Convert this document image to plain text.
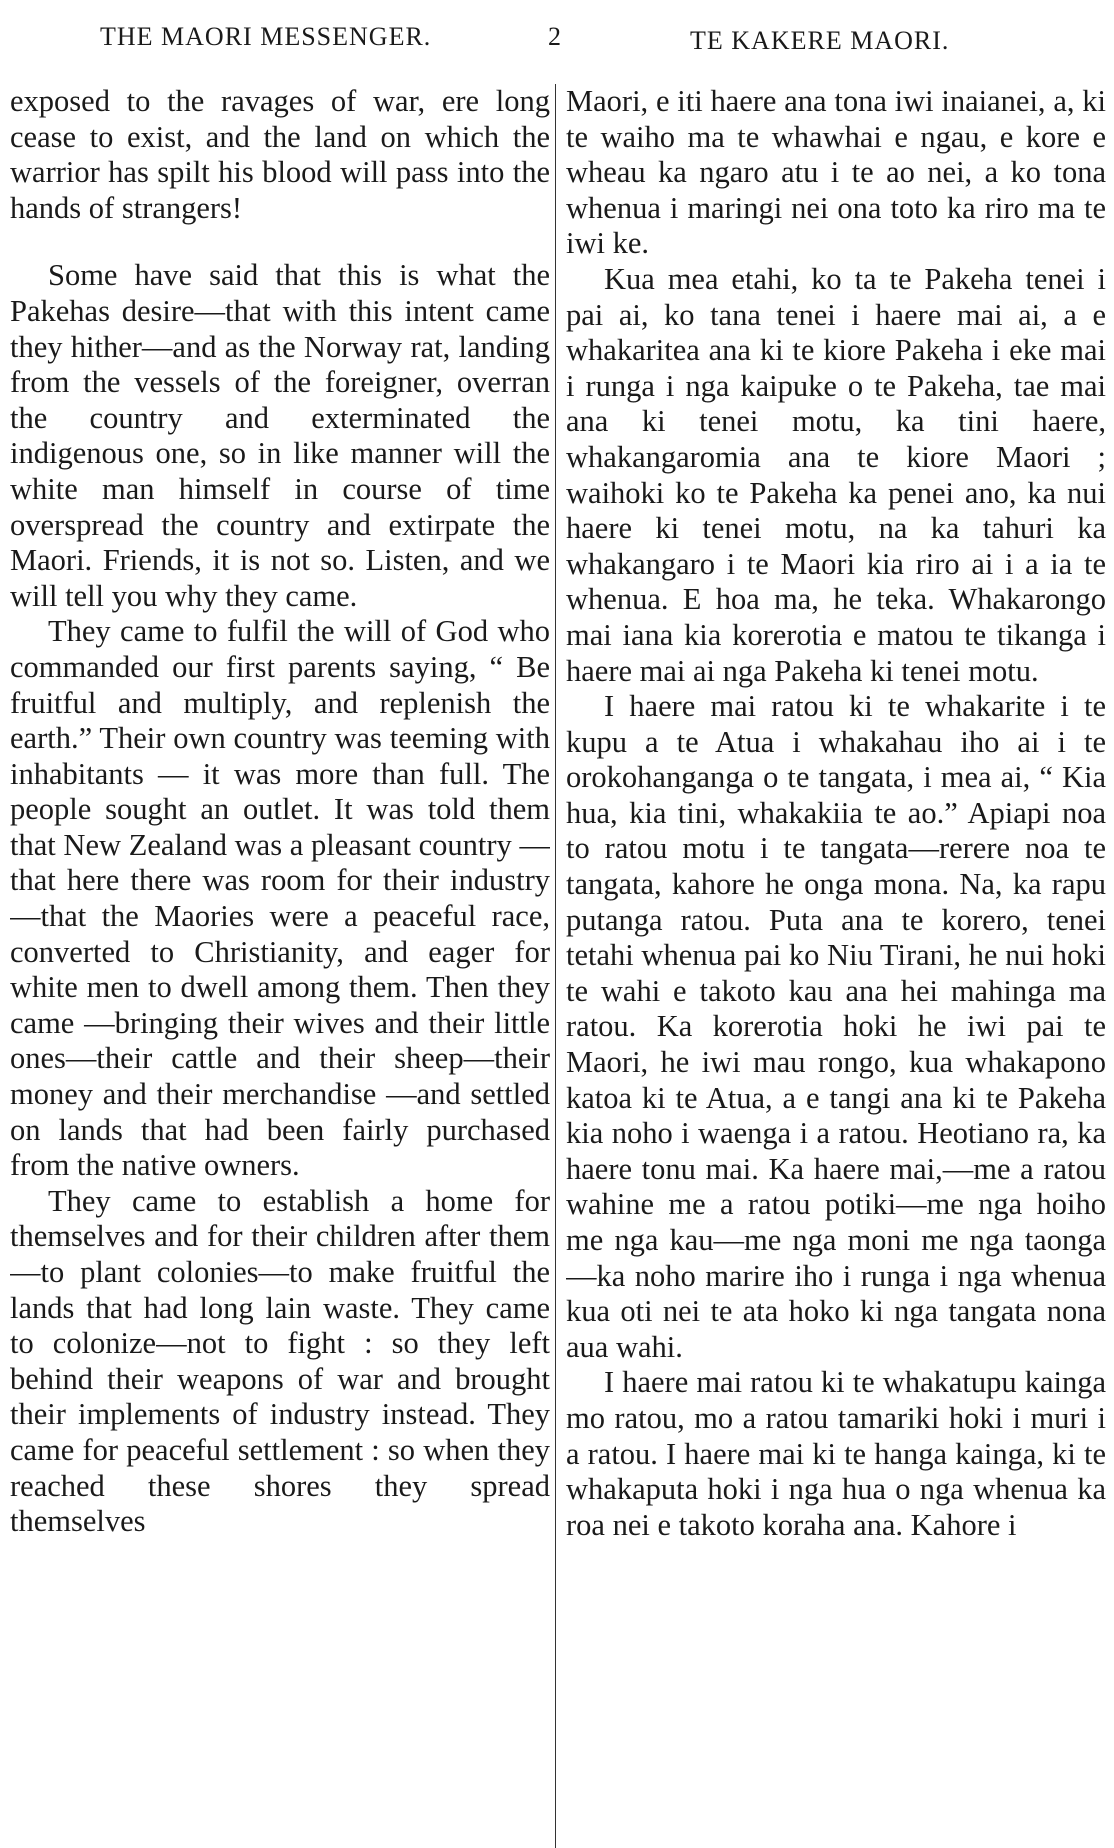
THE MAORI MESSENGER.	2	TE KAKERE MAORI.

exposed to the ravages of war, ere long cease to exist, and the land on which the warrior has spilt his blood will pass into the hands of strangers!

Some have said that this is what the Pakehas desire—that with this intent came they hither—and as the Norway rat, landing from the vessels of the foreigner, overran the country and exterminated the indigenous one, so in like manner will the white man himself in course of time overspread the country and extirpate the Maori. Friends, it is not so. Listen, and we will tell you why they came.

They came to fulfil the will of God who commanded our first parents saying, “ Be fruitful and multiply, and replenish the earth.” Their own country was teeming with inhabitants — it was more than full. The people sought an outlet. It was told them that New Zealand was a pleasant country —that here there was room for their industry—that the Maories were a peaceful race, converted to Christianity, and eager for white men to dwell among them. Then they came —bringing their wives and their little ones—their cattle and their sheep—their money and their merchandise —and settled on lands that had been fairly purchased from the native owners.

They came to establish a home for themselves and for their children after them—to plant colonies—to make fruitful the lands that had long lain waste. They came to colonize—not to fight : so they left behind their weapons of war and brought their implements of industry instead. They came for peaceful settlement : so when they reached these shores they spread themselves

Maori, e iti haere ana tona iwi inaianei, a, ki te waiho ma te whawhai e ngau, e kore e wheau ka ngaro atu i te ao nei, a ko tona whenua i maringi nei ona toto ka riro ma te iwi ke.

Kua mea etahi, ko ta te Pakeha tenei i pai ai, ko tana tenei i haere mai ai, a e whakaritea ana ki te kiore Pakeha i eke mai i runga i nga kaipuke o te Pakeha, tae mai ana ki tenei motu, ka tini haere, whakangaromia ana te kiore Maori ; waihoki ko te Pakeha ka penei ano, ka nui haere ki tenei motu, na ka tahuri ka whakangaro i te Maori kia riro ai i a ia te whenua. E hoa ma, he teka. Whakarongo mai iana kia korerotia e matou te tikanga i haere mai ai nga Pakeha ki tenei motu.

I haere mai ratou ki te whakarite i te kupu a te Atua i whakahau iho ai i te orokohanganga o te tangata, i mea ai, “ Kia hua, kia tini, whakakiia te ao.” Apiapi noa to ratou motu i te tangata—rerere noa te tangata, kahore he onga mona. Na, ka rapu putanga ratou. Puta ana te korero, tenei tetahi whenua pai ko Niu Tirani, he nui hoki te wahi e takoto kau ana hei mahinga ma ratou. Ka korerotia hoki he iwi pai te Maori, he iwi mau rongo, kua whakapono katoa ki te Atua, a e tangi ana ki te Pakeha kia noho i waenga i a ratou. Heotiano ra, ka haere tonu mai. Ka haere mai,—me a ratou wahine me a ratou potiki—me nga hoiho me nga kau—me nga moni me nga taonga—ka noho marire iho i runga i nga whenua kua oti nei te ata hoko ki nga tangata nona aua wahi.

I haere mai ratou ki te whakatupu kainga mo ratou, mo a ratou tamariki hoki i muri i a ratou. I haere mai ki te hanga kainga, ki te whakaputa hoki i nga hua o nga whenua ka roa nei e takoto koraha ana. Kahore i
